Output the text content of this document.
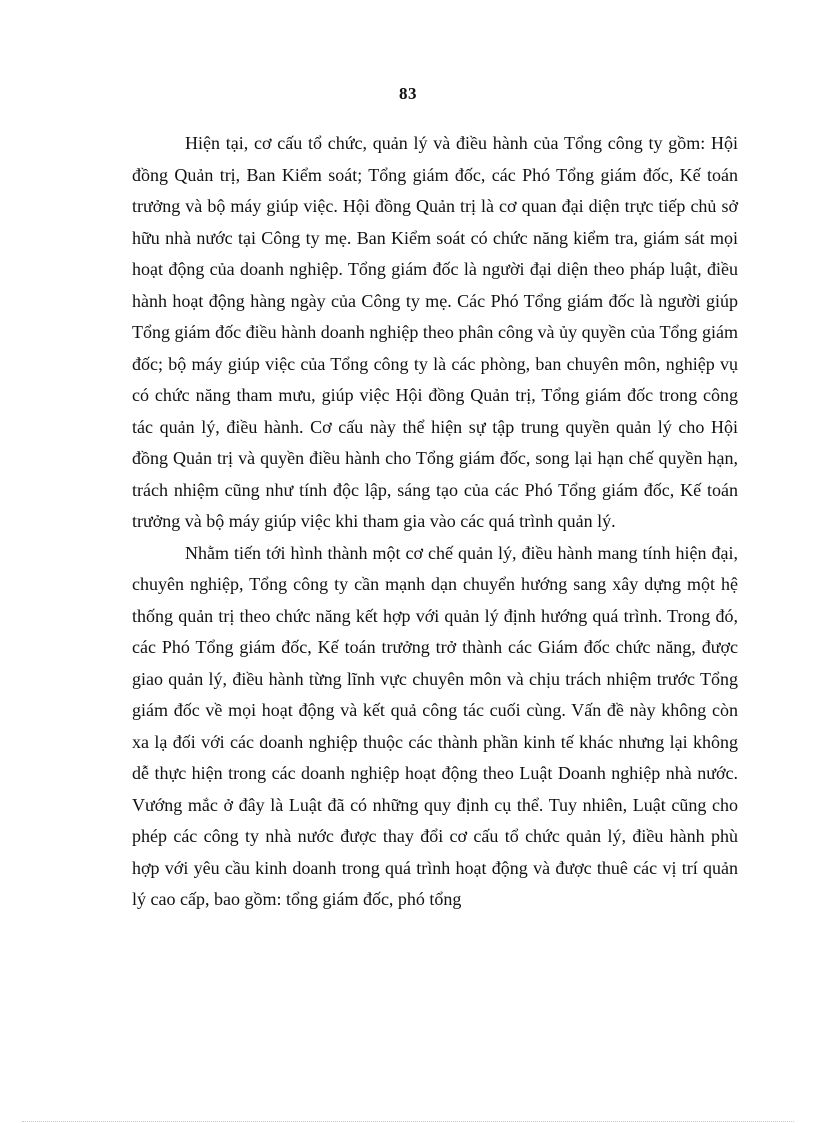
83

Hiện tại, cơ cấu tổ chức, quản lý và điều hành của Tổng công ty gồm: Hội đồng Quản trị, Ban Kiểm soát; Tổng giám đốc, các Phó Tổng giám đốc, Kế toán trưởng và bộ máy giúp việc. Hội đồng Quản trị là cơ quan đại diện trực tiếp chủ sở hữu nhà nước tại Công ty mẹ. Ban Kiểm soát có chức năng kiểm tra, giám sát mọi hoạt động của doanh nghiệp. Tổng giám đốc là người đại diện theo pháp luật, điều hành hoạt động hàng ngày của Công ty mẹ. Các Phó Tổng giám đốc là người giúp Tổng giám đốc điều hành doanh nghiệp theo phân công và ủy quyền của Tổng giám đốc; bộ máy giúp việc của Tổng công ty là các phòng, ban chuyên môn, nghiệp vụ có chức năng tham mưu, giúp việc Hội đồng Quản trị, Tổng giám đốc trong công tác quản lý, điều hành. Cơ cấu này thể hiện sự tập trung quyền quản lý cho Hội đồng Quản trị và quyền điều hành cho Tổng giám đốc, song lại hạn chế quyền hạn, trách nhiệm cũng như tính độc lập, sáng tạo của các Phó Tổng giám đốc, Kế toán trưởng và bộ máy giúp việc khi tham gia vào các quá trình quản lý.

Nhằm tiến tới hình thành một cơ chế quản lý, điều hành mang tính hiện đại, chuyên nghiệp, Tổng công ty cần mạnh dạn chuyển hướng sang xây dựng một hệ thống quản trị theo chức năng kết hợp với quản lý định hướng quá trình. Trong đó, các Phó Tổng giám đốc, Kế toán trưởng trở thành các Giám đốc chức năng, được giao quản lý, điều hành từng lĩnh vực chuyên môn và chịu trách nhiệm trước Tổng giám đốc về mọi hoạt động và kết quả công tác cuối cùng. Vấn đề này không còn xa lạ đối với các doanh nghiệp thuộc các thành phần kinh tế khác nhưng lại không dễ thực hiện trong các doanh nghiệp hoạt động theo Luật Doanh nghiệp nhà nước. Vướng mắc ở đây là Luật đã có những quy định cụ thể. Tuy nhiên, Luật cũng cho phép các công ty nhà nước được thay đổi cơ cấu tổ chức quản lý, điều hành phù hợp với yêu cầu kinh doanh trong quá trình hoạt động và được thuê các vị trí quản lý cao cấp, bao gồm: tổng giám đốc, phó tổng
